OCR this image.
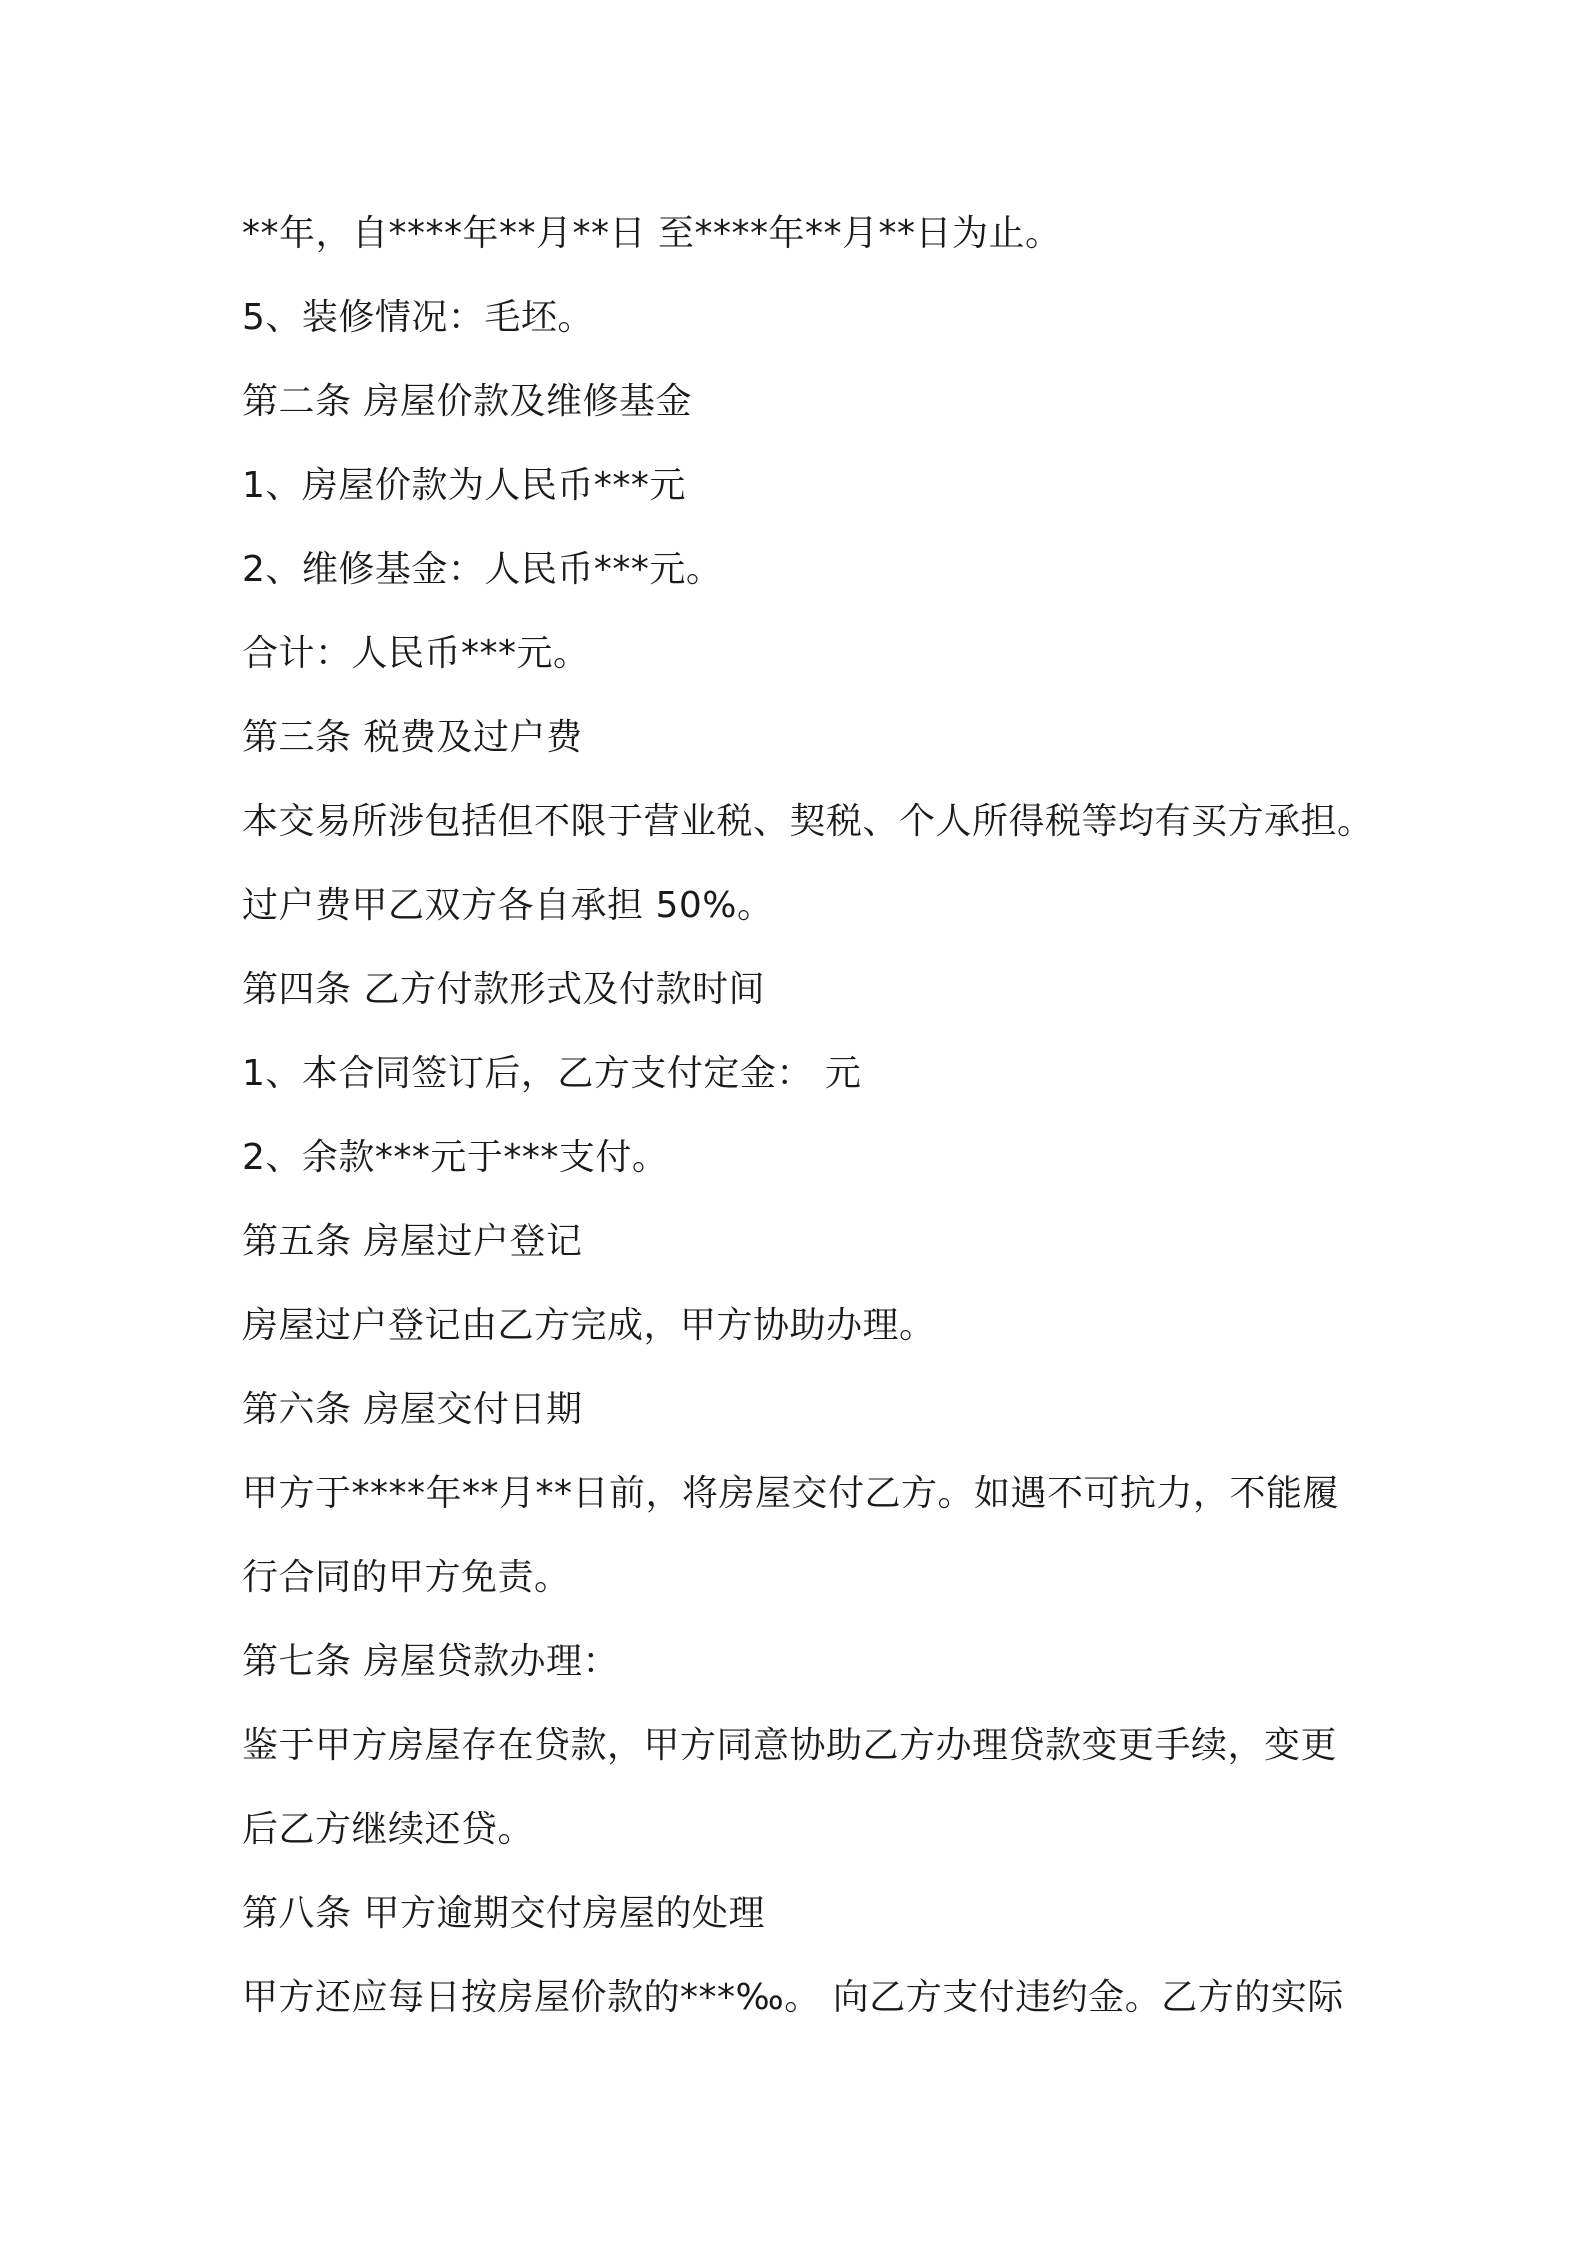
**年，自****年**月**日 至****年**月**日为止。
5、装修情况：毛坯。
第二条 房屋价款及维修基金
1、房屋价款为人民币***元
2、维修基金：人民币***元。
合计：人民币***元。
第三条 税费及过户费
本交易所涉包括但不限于营业税、契税、个人所得税等均有买方承担。
过户费甲乙双方各自承担 50%。
第四条 乙方付款形式及付款时间
1、本合同签订后，乙方支付定金： 元
2、余款***元于***支付。
第五条 房屋过户登记
房屋过户登记由乙方完成，甲方协助办理。
第六条 房屋交付日期
甲方于****年**月**日前，将房屋交付乙方。如遇不可抗力，不能履
行合同的甲方免责。
第七条 房屋贷款办理：
鉴于甲方房屋存在贷款，甲方同意协助乙方办理贷款变更手续，变更
后乙方继续还贷。
第八条 甲方逾期交付房屋的处理
甲方还应每日按房屋价款的***‰。 向乙方支付违约金。乙方的实际
